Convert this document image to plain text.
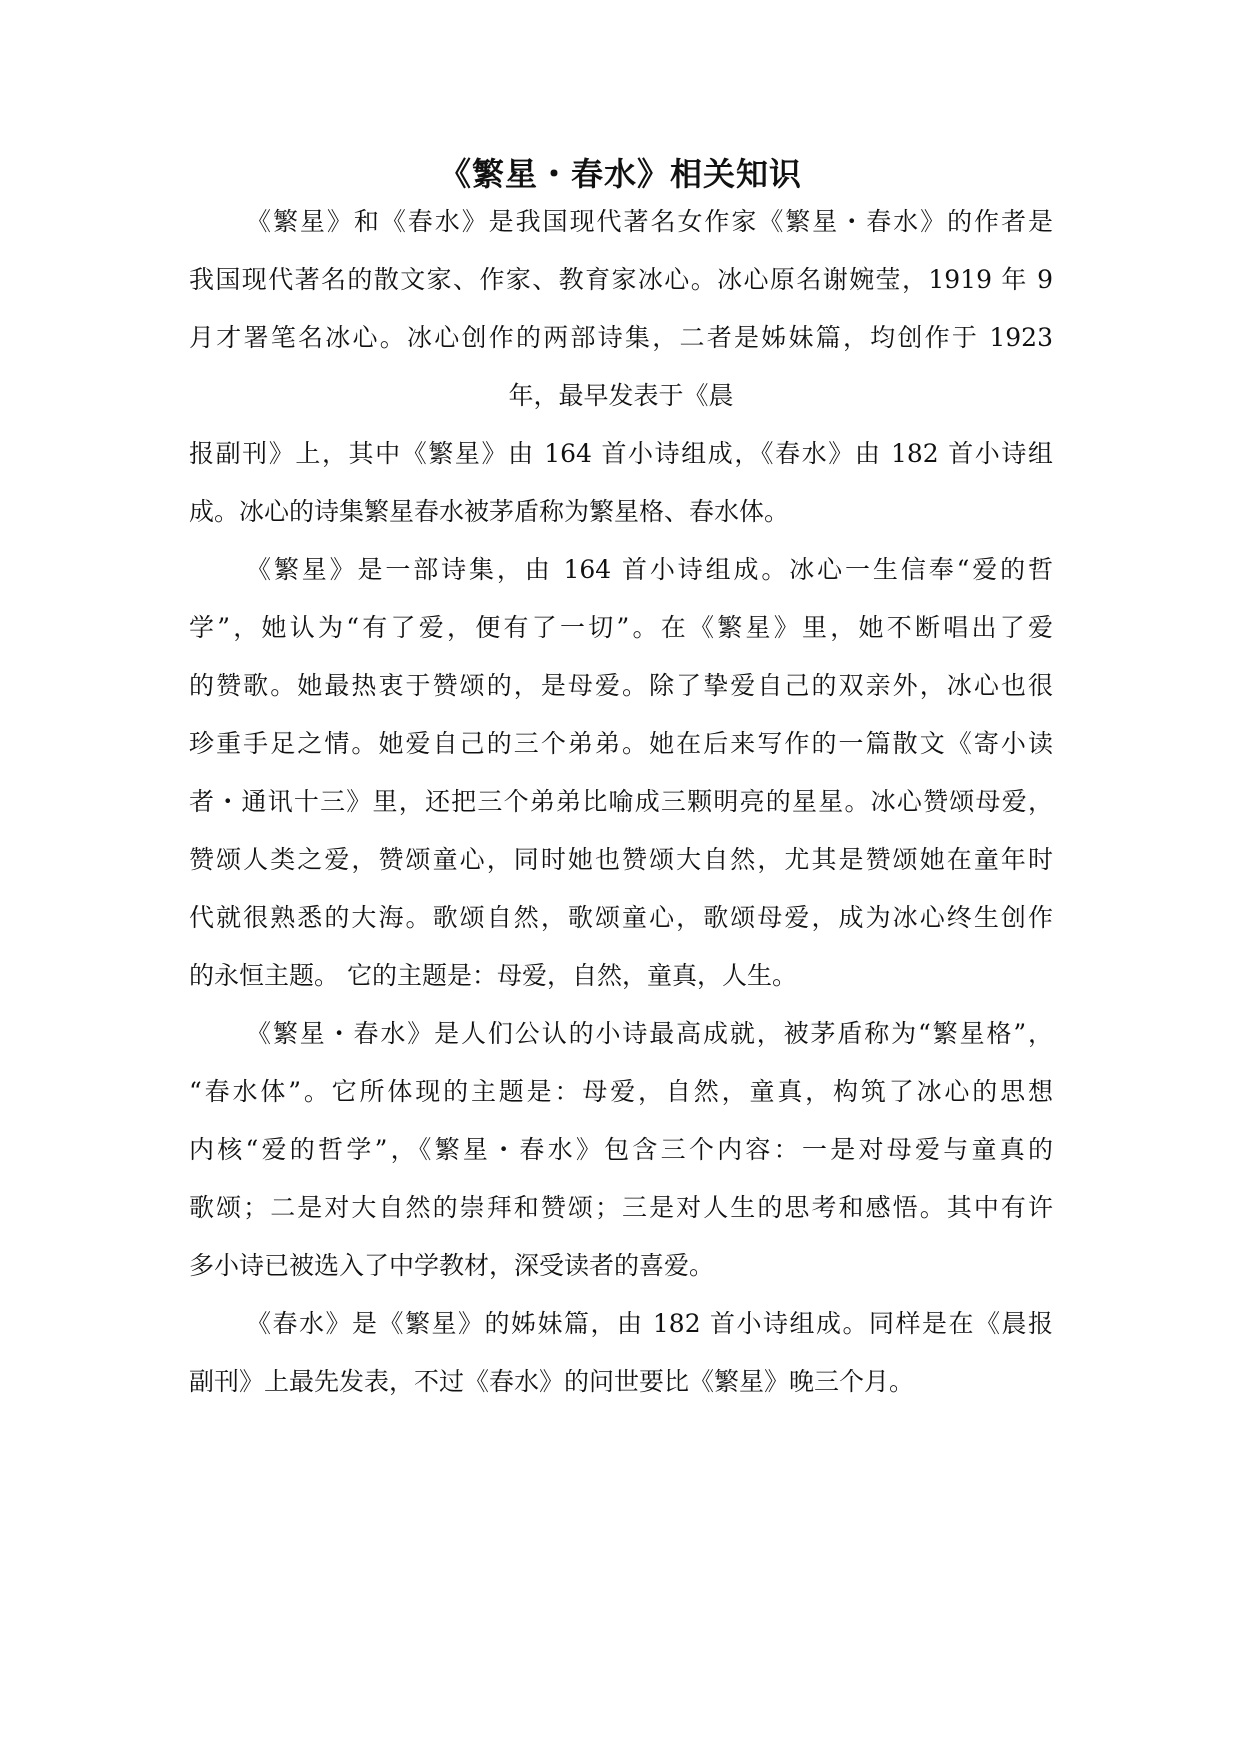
《繁星・春水》相关知识

《繁星》和《春水》是我国现代著名女作家《繁星・春水》的作者是

我国现代著名的散文家、作家、教育家冰心。冰心原名谢婉莹，1919 年 9

月才署笔名冰心。冰心创作的两部诗集，二者是姊妹篇，均创作于 1923

年，最早发表于《晨

报副刊》上，其中《繁星》由 164 首小诗组成，《春水》由 182 首小诗组

成。冰心的诗集繁星春水被茅盾称为繁星格、春水体。

《繁星》是一部诗集，由 164 首小诗组成。冰心一生信奉“爱的哲

学”，她认为“有了爱，便有了一切”。在《繁星》里，她不断唱出了爱

的赞歌。她最热衷于赞颂的，是母爱。除了挚爱自己的双亲外，冰心也很

珍重手足之情。她爱自己的三个弟弟。她在后来写作的一篇散文《寄小读

者・通讯十三》里，还把三个弟弟比喻成三颗明亮的星星。冰心赞颂母爱，

赞颂人类之爱，赞颂童心，同时她也赞颂大自然，尤其是赞颂她在童年时

代就很熟悉的大海。歌颂自然，歌颂童心，歌颂母爱，成为冰心终生创作

的永恒主题。 它的主题是：母爱，自然，童真，人生。

《繁星・春水》是人们公认的小诗最高成就，被茅盾称为“繁星格”，

“春水体”。它所体现的主题是：母爱，自然，童真，构筑了冰心的思想

内核“爱的哲学”，《繁星・春水》包含三个内容：一是对母爱与童真的

歌颂；二是对大自然的崇拜和赞颂；三是对人生的思考和感悟。其中有许

多小诗已被选入了中学教材，深受读者的喜爱。

《春水》是《繁星》的姊妹篇，由 182 首小诗组成。同样是在《晨报

副刊》上最先发表，不过《春水》的问世要比《繁星》晚三个月。
